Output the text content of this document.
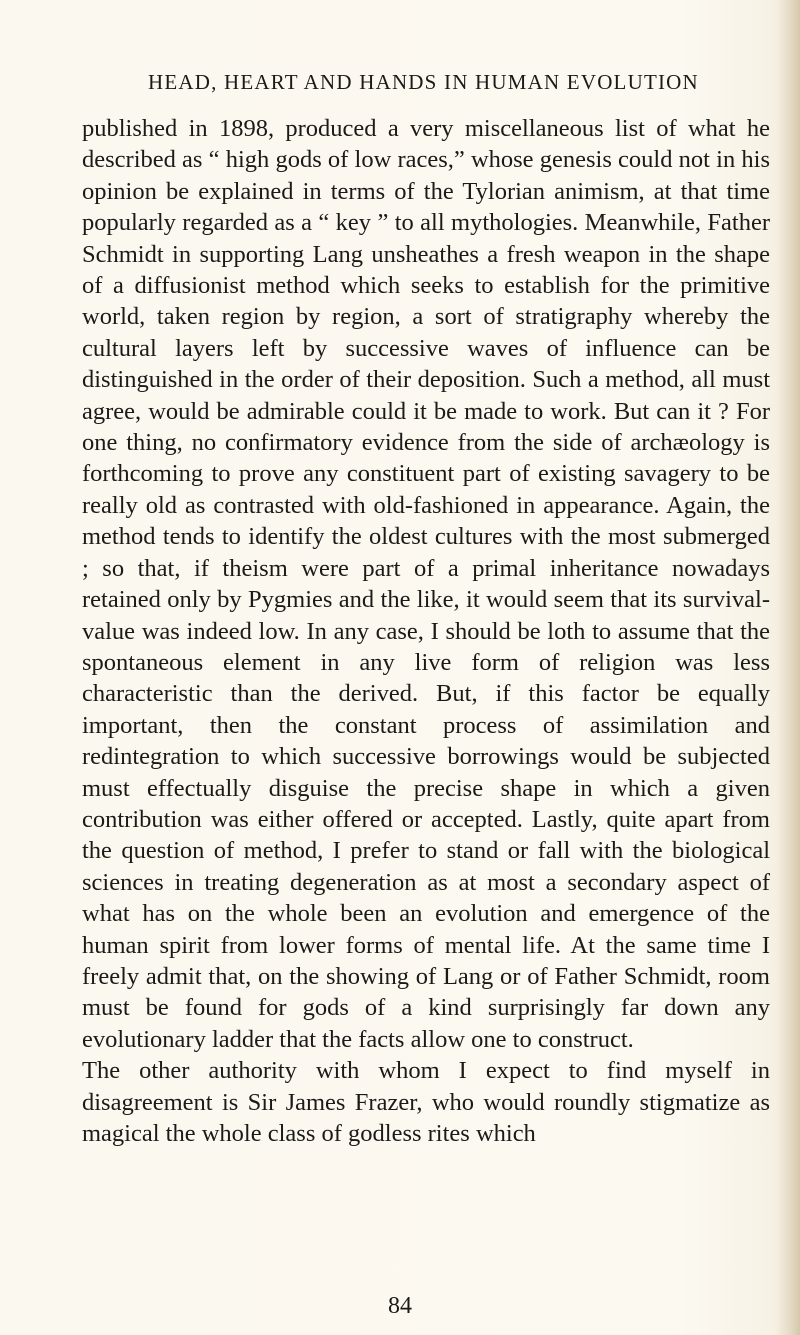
HEAD, HEART AND HANDS IN HUMAN EVOLUTION

published in 1898, produced a very miscellaneous list of what he described as “ high gods of low races,” whose genesis could not in his opinion be explained in terms of the Tylorian animism, at that time popularly regarded as a “ key ” to all mythologies. Meanwhile, Father Schmidt in supporting Lang unsheathes a fresh weapon in the shape of a diffusionist method which seeks to establish for the primitive world, taken region by region, a sort of stratigraphy whereby the cultural layers left by successive waves of influence can be distinguished in the order of their deposition. Such a method, all must agree, would be admirable could it be made to work. But can it ? For one thing, no confirmatory evidence from the side of archæology is forthcoming to prove any constituent part of existing savagery to be really old as contrasted with old-fashioned in appearance. Again, the method tends to identify the oldest cultures with the most submerged ; so that, if theism were part of a primal inheritance nowadays retained only by Pygmies and the like, it would seem that its survival-value was indeed low. In any case, I should be loth to assume that the spontaneous element in any live form of religion was less characteristic than the derived. But, if this factor be equally important, then the constant process of assimilation and redintegration to which successive borrowings would be subjected must effectually disguise the precise shape in which a given contribution was either offered or accepted. Lastly, quite apart from the question of method, I prefer to stand or fall with the biological sciences in treating degeneration as at most a secondary aspect of what has on the whole been an evolution and emergence of the human spirit from lower forms of mental life. At the same time I freely admit that, on the showing of Lang or of Father Schmidt, room must be found for gods of a kind surprisingly far down any evolutionary ladder that the facts allow one to construct.

The other authority with whom I expect to find myself in disagreement is Sir James Frazer, who would roundly stigmatize as magical the whole class of godless rites which

84
